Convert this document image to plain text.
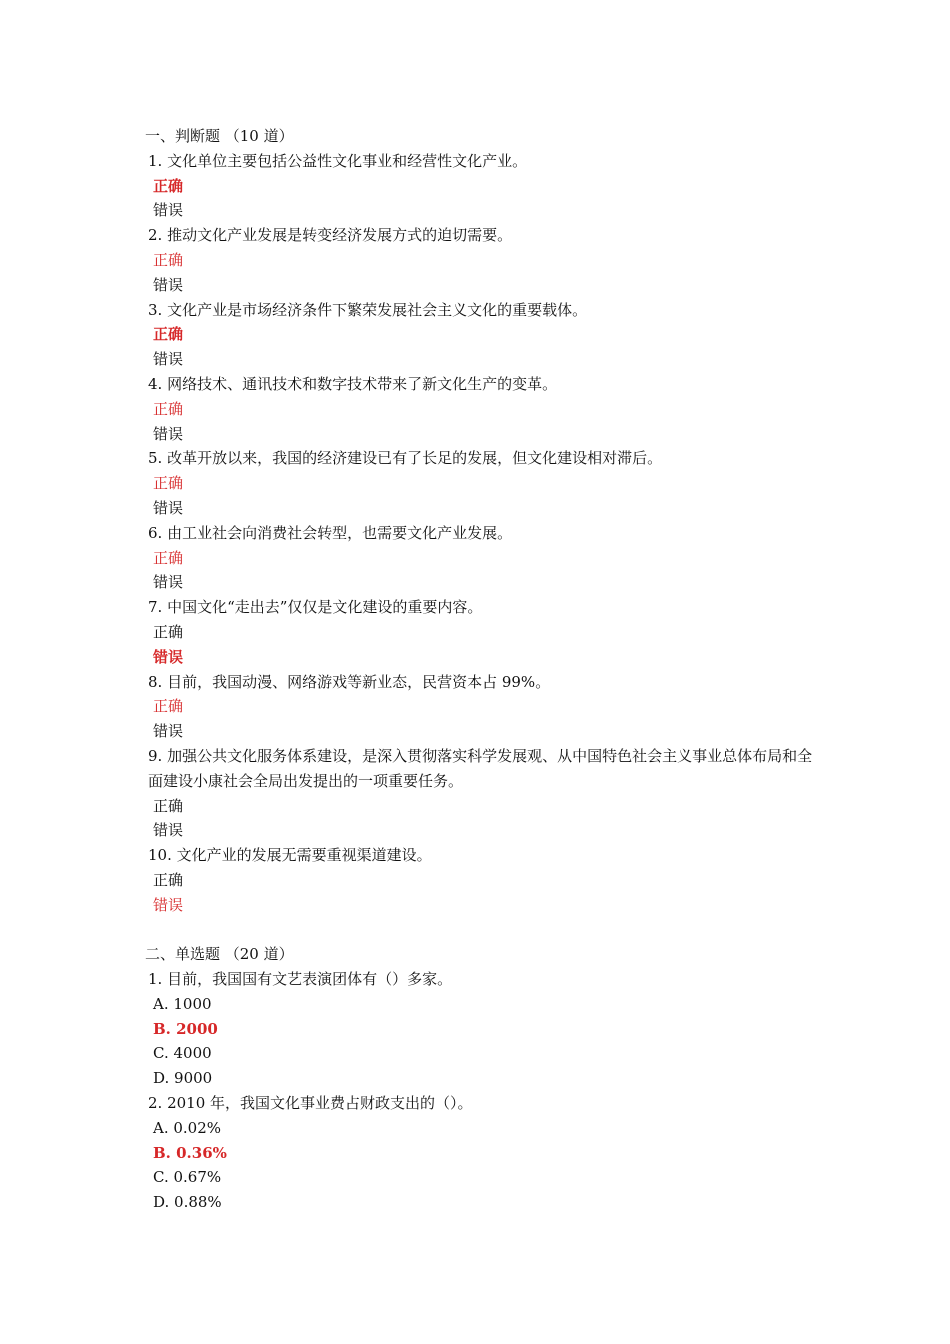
一、判断题 （10 道）
1. 文化单位主要包括公益性文化事业和经营性文化产业。
正确
错误
2. 推动文化产业发展是转变经济发展方式的迫切需要。
正确
错误
3. 文化产业是市场经济条件下繁荣发展社会主义文化的重要载体。
正确
错误
4. 网络技术、通讯技术和数字技术带来了新文化生产的变革。
正确
错误
5. 改革开放以来，我国的经济建设已有了长足的发展，但文化建设相对滞后。
正确
错误
6. 由工业社会向消费社会转型，也需要文化产业发展。
正确
错误
7. 中国文化“走出去”仅仅是文化建设的重要内容。
正确
错误
8. 目前，我国动漫、网络游戏等新业态，民营资本占 99%。
正确
错误
9. 加强公共文化服务体系建设，是深入贯彻落实科学发展观、从中国特色社会主义事业总体布局和全面建设小康社会全局出发提出的一项重要任务。
正确
错误
10. 文化产业的发展无需要重视渠道建设。
正确
错误
二、单选题 （20 道）
1. 目前，我国国有文艺表演团体有（）多家。
A. 1000
B. 2000
C. 4000
D. 9000
2. 2010 年，我国文化事业费占财政支出的（）。
A. 0.02%
B. 0.36%
C. 0.67%
D. 0.88%
